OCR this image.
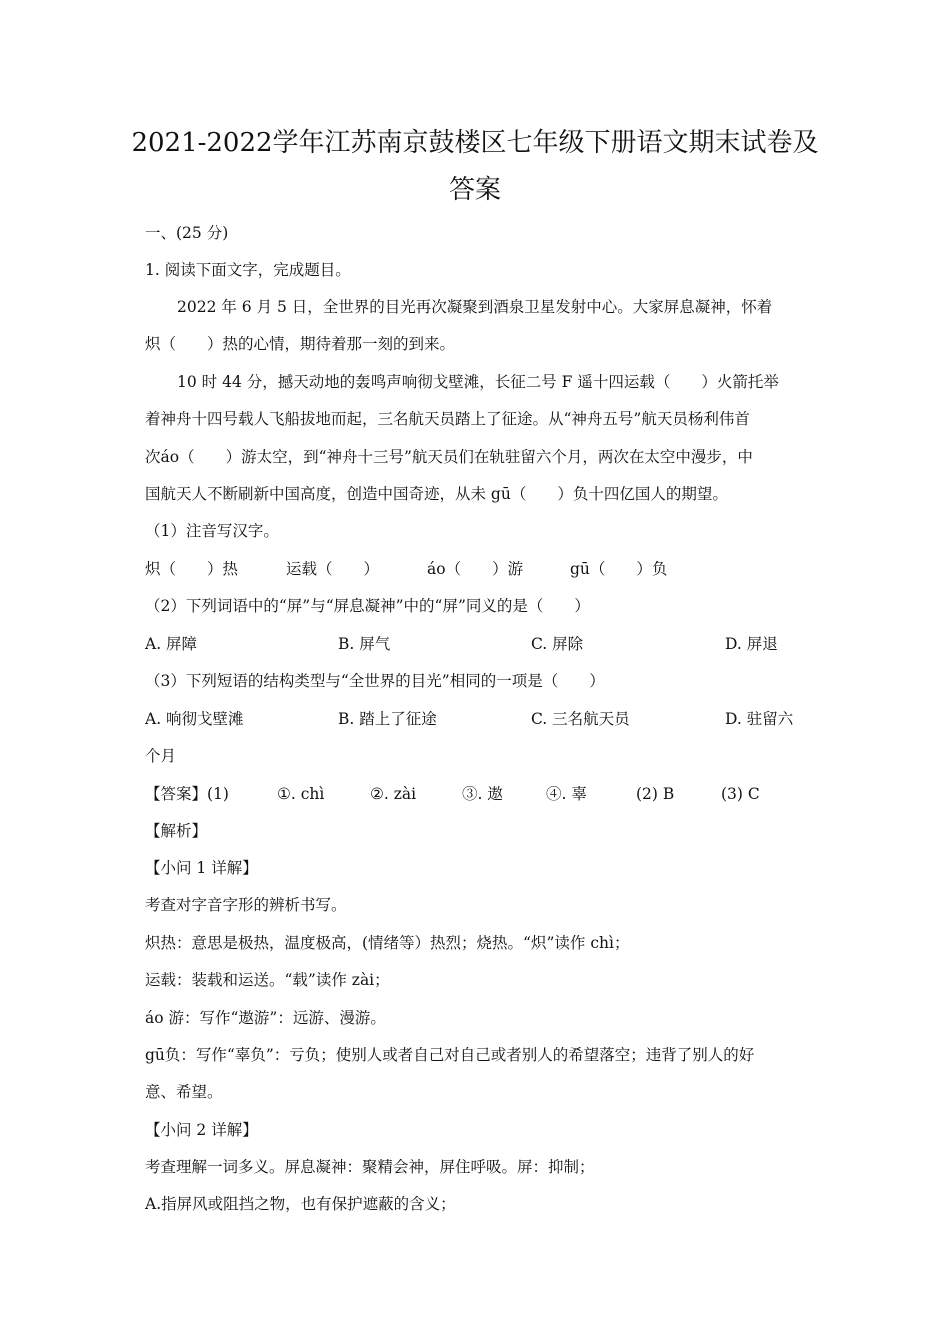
2021-2022学年江苏南京鼓楼区七年级下册语文期末试卷及
答案
一、(25 分)
1. 阅读下面文字，完成题目。
2022 年 6 月 5 日，全世界的目光再次凝聚到酒泉卫星发射中心。大家屏息凝神，怀着
炽（　　）热的心情，期待着那一刻的到来。
10 时 44 分，撼天动地的轰鸣声响彻戈壁滩，长征二号 F 遥十四运载（　　）火箭托举
着神舟十四号载人飞船拔地而起，三名航天员踏上了征途。从“神舟五号”航天员杨利伟首
次áo（　　）游太空，到“神舟十三号”航天员们在轨驻留六个月，两次在太空中漫步，中
国航天人不断刷新中国高度，创造中国奇迹，从未 gū（　　）负十四亿国人的期望。
（1）注音写汉字。
炽（　　）热	运载（　　）	áo（　　）游	gū（　　）负
（2）下列词语中的“屏”与“屏息凝神”中的“屏”同义的是（　　）
A. 屏障	B. 屏气	C. 屏除	D. 屏退
（3）下列短语的结构类型与“全世界的目光”相同的一项是（　　）
A. 响彻戈壁滩	B. 踏上了征途	C. 三名航天员	D. 驻留六
个月
【答案】(1)	①. chì	②. zài	③. 遨	④. 辜	(2) B	(3) C
【解析】
【小问 1 详解】
考查对字音字形的辨析书写。
炽热：意思是极热，温度极高，(情绪等）热烈；烧热。“炽”读作 chì；
运载：装载和运送。“载”读作 zài；
áo 游：写作“遨游”：远游、漫游。
gū负：写作“辜负”：亏负；使别人或者自己对自己或者别人的希望落空；违背了别人的好
意、希望。
【小问 2 详解】
考查理解一词多义。屏息凝神：聚精会神，屏住呼吸。屏：抑制；
A.指屏风或阻挡之物，也有保护遮蔽的含义；
